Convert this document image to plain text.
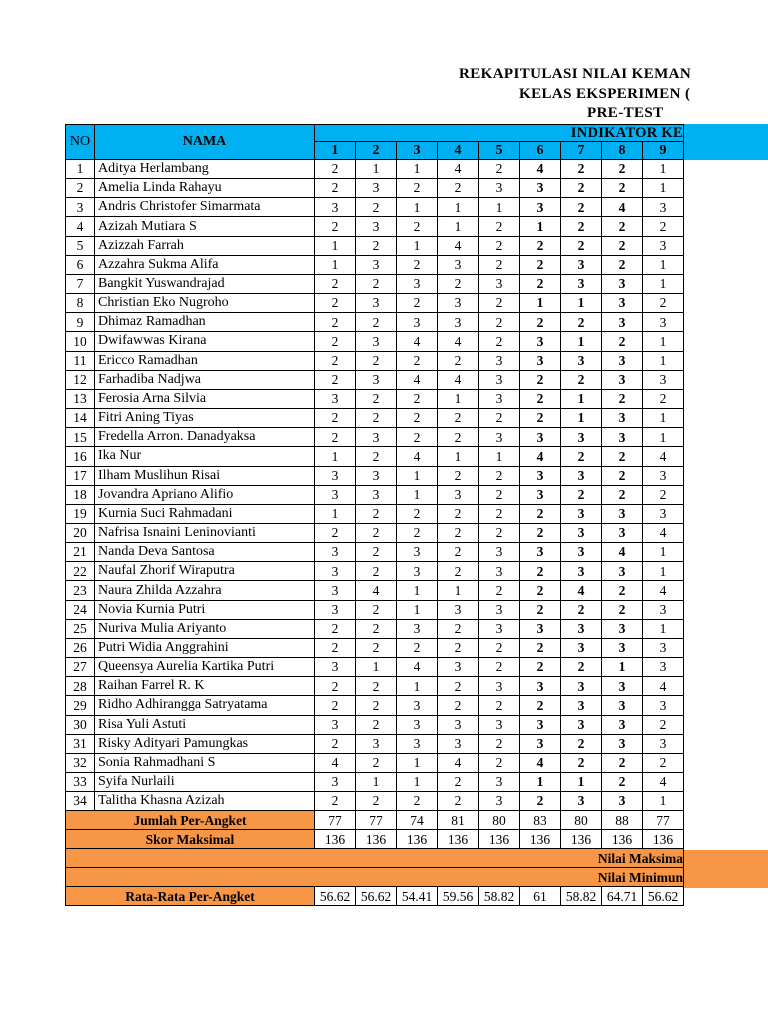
REKAPITULASI NILAI KEMAN
KELAS EKSPERIMEN (
PRE-TEST
NO	NAMA
INDIKATOR KE
1	2	3	4	5	6	7	8	9
1	Aditya Herlambang	2	1	1	4	2	4	2	2	1
2	Amelia Linda Rahayu	2	3	2	2	3	3	2	2	1
3	Andris Christofer Simarmata	3	2	1	1	1	3	2	4	3
4	Azizah Mutiara S	2	3	2	1	2	1	2	2	2
5	Azizzah Farrah	1	2	1	4	2	2	2	2	3
6	Azzahra Sukma Alifa	1	3	2	3	2	2	3	2	1
7	Bangkit Yuswandrajad	2	2	3	2	3	2	3	3	1
8	Christian Eko Nugroho	2	3	2	3	2	1	1	3	2
9	Dhimaz Ramadhan	2	2	3	3	2	2	2	3	3
10 Dwifawwas Kirana	2	3	4	4	2	3	1	2	1
11 Ericco Ramadhan	2	2	2	2	3	3	3	3	1
12 Farhadiba Nadjwa	2	3	4	4	3	2	2	3	3
13 Ferosia Arna Silvia	3	2	2	1	3	2	1	2	2
14 Fitri Aning Tiyas	2	2	2	2	2	2	1	3	1
15 Fredella Arron. Danadyaksa	2	3	2	2	3	3	3	3	1
16 Ika Nur	1	2	4	1	1	4	2	2	4
17 Ilham Muslihun Risai	3	3	1	2	2	3	3	2	3
18 Jovandra Apriano Alifio	3	3	1	3	2	3	2	2	2
19 Kurnia Suci Rahmadani	1	2	2	2	2	2	3	3	3
20 Nafrisa Isnaini Leninovianti	2	2	2	2	2	2	3	3	4
21 Nanda Deva Santosa	3	2	3	2	3	3	3	4	1
22 Naufal Zhorif Wiraputra	3	2	3	2	3	2	3	3	1
23 Naura Zhilda Azzahra	3	4	1	1	2	2	4	2	4
24 Novia Kurnia Putri	3	2	1	3	3	2	2	2	3
25 Nuriva Mulia Ariyanto	2	2	3	2	3	3	3	3	1
26 Putri Widia Anggrahini	2	2	2	2	2	2	3	3	3
27 Queensya Aurelia Kartika Putri	3	1	4	3	2	2	2	1	3
28 Raihan Farrel R. K	2	2	1	2	3	3	3	3	4
29 Ridho Adhirangga Satryatama	2	2	3	2	2	2	3	3	3
30 Risa Yuli Astuti	3	2	3	3	3	3	3	3	2
31 Risky Adityari Pamungkas	2	3	3	3	2	3	2	3	3
32 Sonia Rahmadhani S	4	2	1	4	2	4	2	2	2
33 Syifa Nurlaili	3	1	1	2	3	1	1	2	4
34 Talitha Khasna Azizah	2	2	2	2	3	2	3	3	1
Jumlah Per-Angket	77	77	74	81	80	83	80	88	77
Skor Maksimal	136	136	136	136	136	136	136	136	136
Nilai Maksima
Nilai Minimun
Rata-Rata Per-Angket	56.62 56.62 54.41 59.56 58.82	61	58.82 64.71 56.62
